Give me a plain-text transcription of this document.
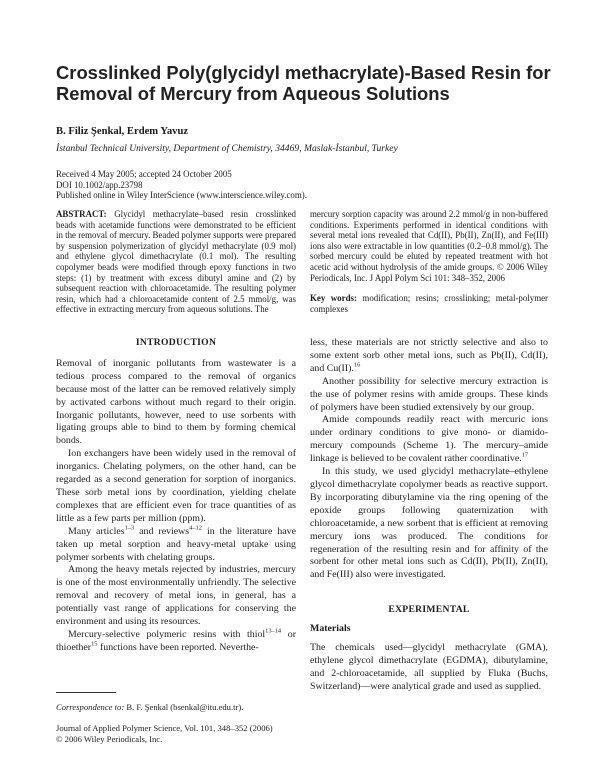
Crosslinked Poly(glycidyl methacrylate)-Based Resin for
Removal of Mercury from Aqueous Solutions
B. Filiz Şenkal, Erdem Yavuz
İstanbul Technical University, Department of Chemistry, 34469, Maslak-İstanbul, Turkey
Received 4 May 2005; accepted 24 October 2005
DOI 10.1002/app.23798
Published online in Wiley InterScience (www.interscience.wiley.com).
ABSTRACT: Glycidyl methacrylate–based resin crosslinked beads with acetamide functions were demonstrated to be efficient in the removal of mercury. Beaded polymer supports were prepared by suspension polymerization of glycidyl methacrylate (0.9 mol) and ethylene glycol dimethacrylate (0.1 mol). The resulting copolymer beads were modified through epoxy functions in two steps: (1) by treatment with excess dibutyl amine and (2) by subsequent reaction with chloroacetamide. The resulting polymer resin, which had a chloroacetamide content of 2.5 mmol/g, was effective in extracting mercury from aqueous solutions. The
mercury sorption capacity was around 2.2 mmol/g in non-buffered conditions. Experiments performed in identical conditions with several metal ions revealed that Cd(II), Pb(II), Zn(II), and Fe(III) ions also were extractable in low quantities (0.2–0.8 mmol/g). The sorbed mercury could be eluted by repeated treatment with hot acetic acid without hydrolysis of the amide groups. © 2006 Wiley Periodicals, Inc. J Appl Polym Sci 101: 348–352, 2006
Key words: modification; resins; crosslinking; metal-polymer complexes
INTRODUCTION

Removal of inorganic pollutants from wastewater is a tedious process compared to the removal of organics because most of the latter can be removed relatively simply by activated carbons without much regard to their origin. Inorganic pollutants, however, need to use sorbents with ligating groups able to bind to them by forming chemical bonds.

Ion exchangers have been widely used in the removal of inorganics. Chelating polymers, on the other hand, can be regarded as a second generation for sorption of inorganics. These sorb metal ions by coordination, yielding chelate complexes that are efficient even for trace quantities of as little as a few parts per million (ppm).

Many articles$^{1-3}$ and reviews$^{4-12}$ in the literature have taken up metal sorption and heavy-metal uptake using polymer sorbents with chelating groups.

Among the heavy metals rejected by industries, mercury is one of the most environmentally unfriendly. The selective removal and recovery of metal ions, in general, has a potentially vast range of applications for conserving the environment and using its resources.

Mercury-selective polymeric resins with thiol$^{13-14}$ or thioether$^{15}$ functions have been reported. Neverthe-

less, these materials are not strictly selective and also to some extent sorb other metal ions, such as Pb(II), Cd(II), and Cu(II).$^{16}$

Another possibility for selective mercury extraction is the use of polymer resins with amide groups. These kinds of polymers have been studied extensively by our group.

Amide compounds readily react with mercuric ions under ordinary conditions to give mono- or diamido-mercury compounds (Scheme 1). The mercury–amide linkage is believed to be covalent rather coordinative.$^{17}$

In this study, we used glycidyl methacrylate–ethylene glycol dimethacrylate copolymer beads as reactive support. By incorporating dibutylamine via the ring opening of the epoxide groups following quaternization with chloroacetamide, a new sorbent that is efficient at removing mercury ions was produced. The conditions for regeneration of the resulting resin and for affinity of the sorbent for other metal ions such as Cd(II), Pb(II), Zn(II), and Fe(III) also were investigated.

EXPERIMENTAL
Materials

The chemicals used—glycidyl methacrylate (GMA), ethylene glycol dimethacrylate (EGDMA), dibutylamine, and 2-chloroacetamide, all supplied by Fluka (Buchs, Switzerland)—were analytical grade and used as supplied.

Correspondence to: B. F. Şenkal (bsenkal@itu.edu.tr).
Journal of Applied Polymer Science, Vol. 101, 348–352 (2006)
© 2006 Wiley Periodicals, Inc.
